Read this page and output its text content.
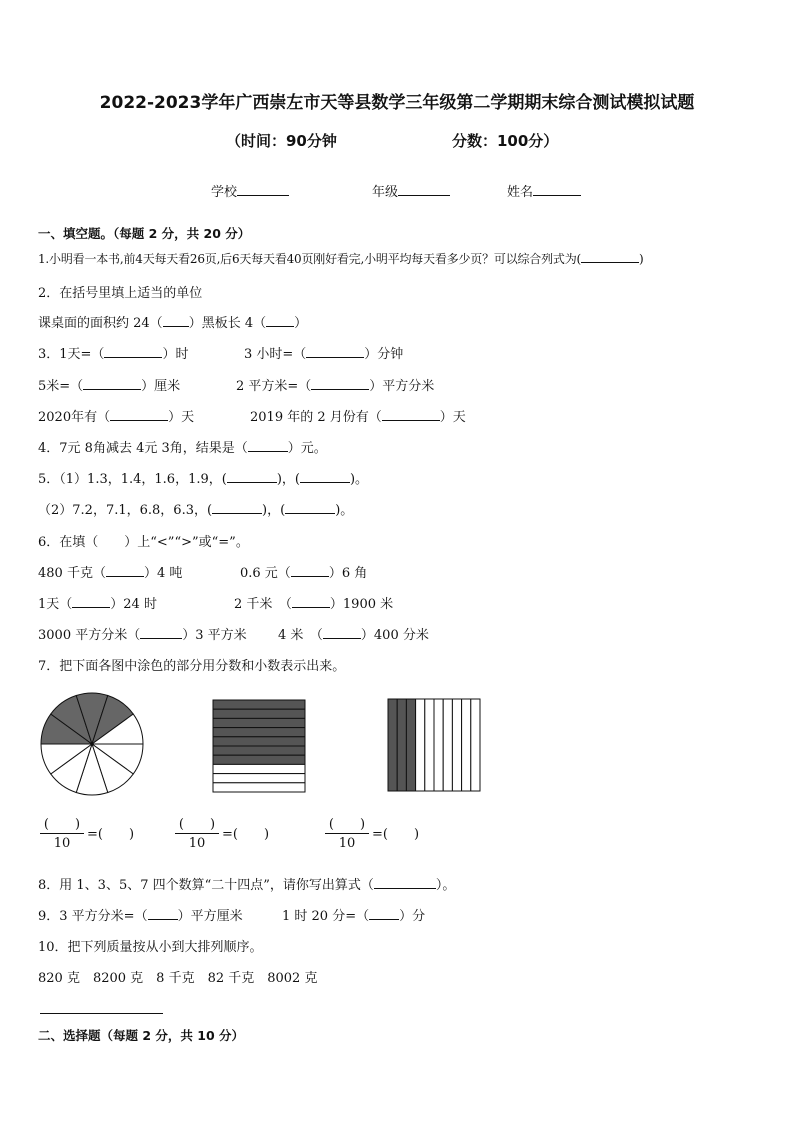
2022-2023学年广西崇左市天等县数学三年级第二学期期末综合测试模拟试题
（时间：90分钟	分数：100分）
学校	年级	姓名
一、填空题。（每题 2 分，共 20 分）
1.小明看一本书,前4天每天看26页,后6天每天看40页刚好看完,小明平均每天看多少页？可以综合列式为(	)
2．在括号里填上适当的单位
课桌面的面积约 24（ ）黑板长 4（ ）
3．1天=（	）时	3 小时=（	）分钟
5米=（	）厘米	2 平方米=（	）平方分米
2020年有（	）天	2019 年的 2 月份有（	）天
4．7元 8角减去 4元 3角，结果是（	）元。
5．（1）1.3，1.4，1.6，1.9，(	)，(	)。
（2）7.2，7.1，6.8，6.3，(	)，(	)。
6．在填（　　）上“<”“>”或“=”。
480 千克（	）4 吨	0.6 元（	）6 角
1天（	）24 时	2 千米　（	）1900 米
3000 平方分米（	）3 平方米 4 米　（	）400 分米
7．把下面各图中涂色的部分用分数和小数表示出来。
(   )
10
=(   )
(   )
10
=(   )
(   )
10
=(   )
8．用 1、3、5、7 四个数算“二十四点”，请你写出算式（	）。
9．3 平方分米=（ ）平方厘米	1 时 20 分=（ ）分
10．把下列质量按从小到大排列顺序。
820 克　8200 克　8 千克　82 千克　8002 克
二、选择题（每题 2 分，共 10 分）
